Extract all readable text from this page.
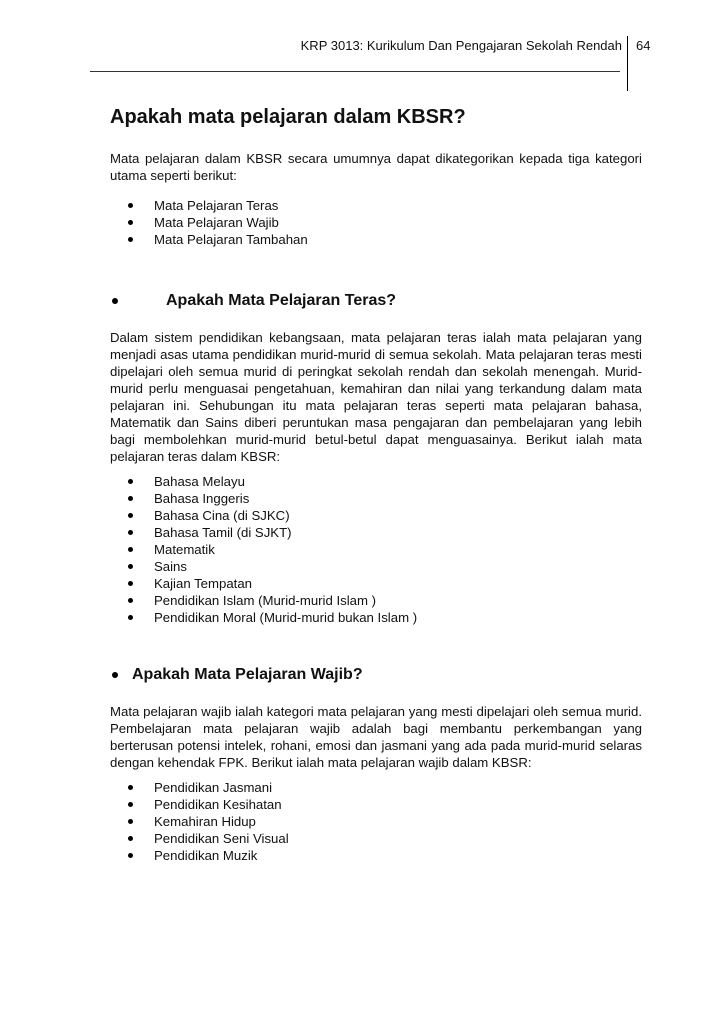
KRP 3013: Kurikulum Dan Pengajaran Sekolah Rendah 64
Apakah mata pelajaran dalam KBSR?
Mata pelajaran dalam KBSR secara umumnya dapat dikategorikan kepada tiga kategori utama seperti berikut:
Mata Pelajaran Teras
Mata Pelajaran Wajib
Mata Pelajaran Tambahan
Apakah Mata Pelajaran Teras?
Dalam sistem pendidikan kebangsaan, mata pelajaran teras ialah mata pelajaran yang menjadi asas utama pendidikan murid-murid di semua sekolah. Mata pelajaran teras mesti dipelajari oleh semua murid di peringkat sekolah rendah dan sekolah menengah. Murid-murid perlu menguasai pengetahuan, kemahiran dan nilai yang terkandung dalam mata pelajaran ini. Sehubungan itu mata pelajaran teras seperti mata pelajaran bahasa, Matematik dan Sains diberi peruntukan masa pengajaran dan pembelajaran yang lebih bagi membolehkan murid-murid betul-betul dapat menguasainya. Berikut ialah mata pelajaran teras dalam KBSR:
Bahasa Melayu
Bahasa Inggeris
Bahasa Cina (di SJKC)
Bahasa Tamil (di SJKT)
Matematik
Sains
Kajian Tempatan
Pendidikan Islam (Murid-murid Islam )
Pendidikan Moral (Murid-murid bukan Islam )
Apakah Mata Pelajaran Wajib?
Mata pelajaran wajib ialah kategori mata pelajaran yang mesti dipelajari oleh semua murid. Pembelajaran mata pelajaran wajib adalah bagi membantu perkembangan yang berterusan potensi intelek, rohani, emosi dan jasmani yang ada pada murid-murid selaras dengan kehendak FPK. Berikut ialah mata pelajaran wajib dalam KBSR:
Pendidikan Jasmani
Pendidikan Kesihatan
Kemahiran Hidup
Pendidikan Seni Visual
Pendidikan Muzik
